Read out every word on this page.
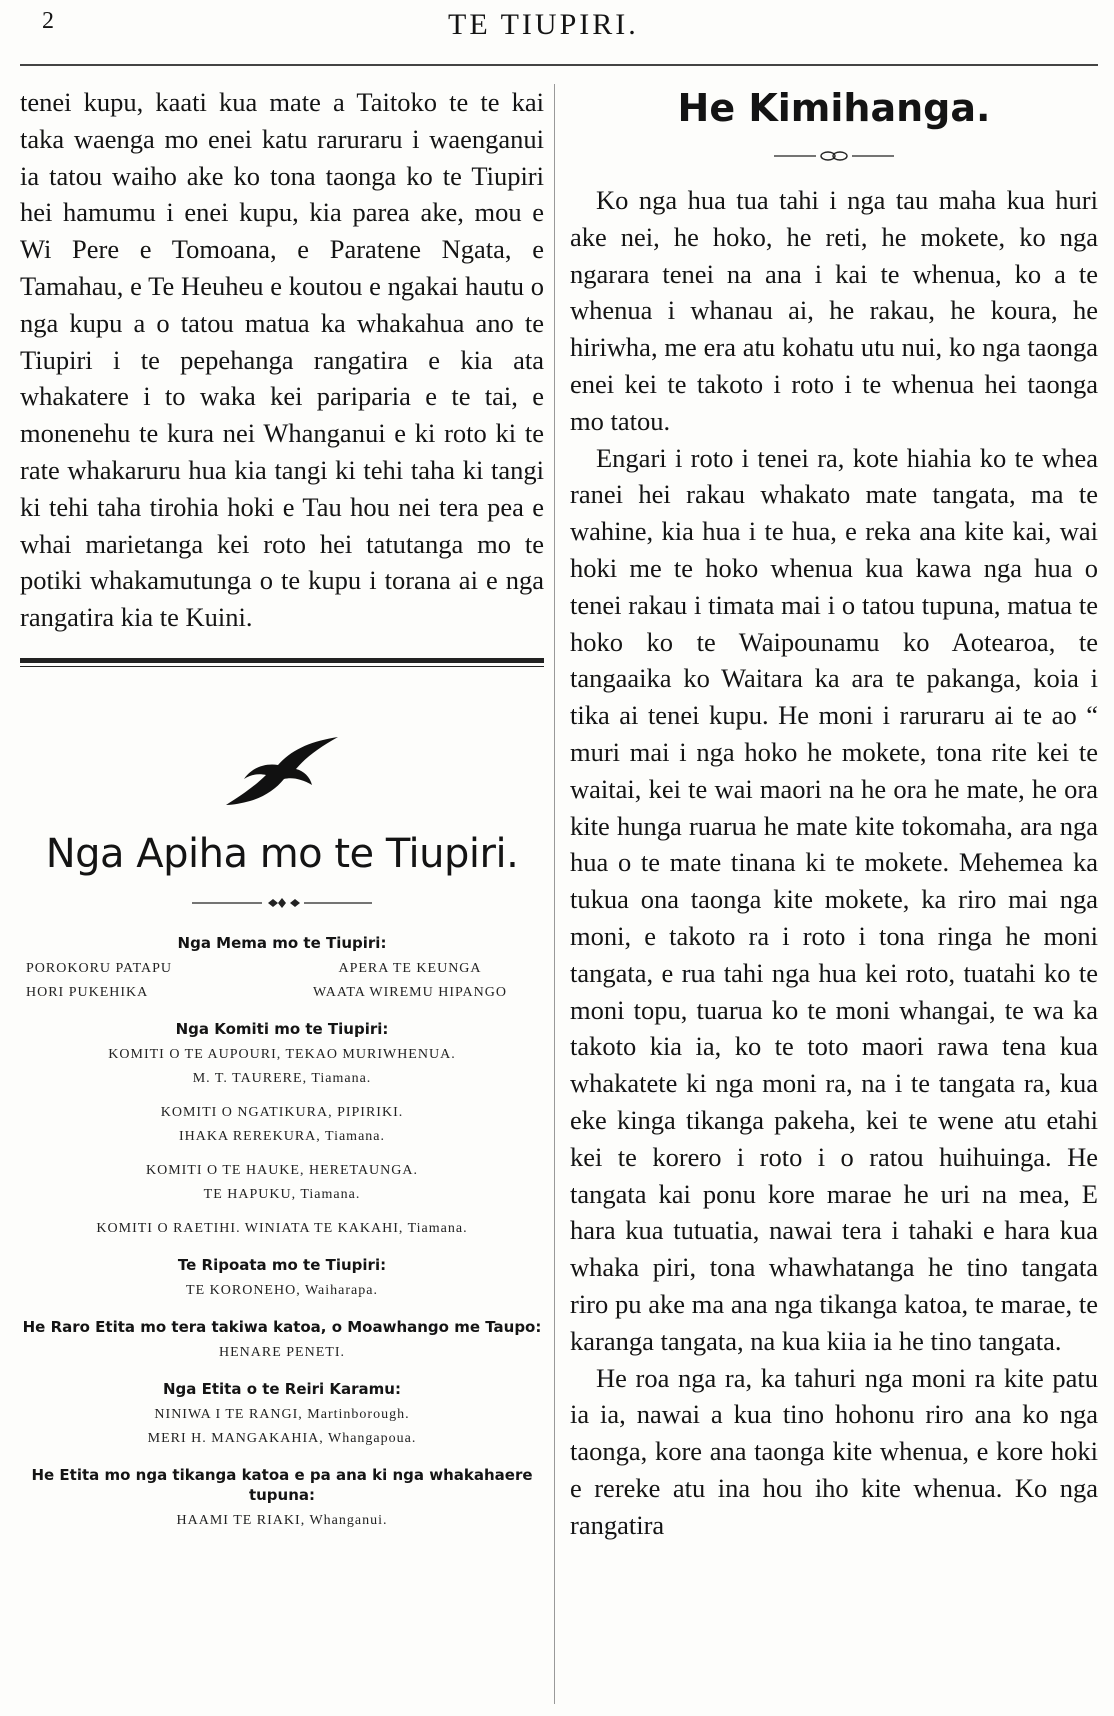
2	TE TIUPIRI.

tenei kupu, kaati kua mate a Taitoko te te kai taka waenga mo enei katu raruraru i waenganui ia tatou waiho ake ko tona taonga ko te Tiupiri hei hamumu i enei kupu, kia parea ake, mou e Wi Pere e Tomoana, e Paratene Ngata, e Tamahau, e Te Heuheu e koutou e ngakai hautu o nga kupu a o tatou matua ka whakahua ano te Tiupiri i te pepehanga rangatira e kia ata whakatere i to waka kei pariparia e te tai, e monenehu te kura nei Whanganui e ki roto ki te rate whakaruru hua kia tangi ki tehi taha ki tangi ki tehi taha tirohia hoki e Tau hou nei tera pea e whai marietanga kei roto hei tatutanga mo te potiki whakamutunga o te kupu i torana ai e nga rangatira kia te Kuini.

Nga Apiha mo te Tiupiri.
Nga Mema mo te Tiupiri:
POROKORU PATAPU	APERA TE KEUNGA
HORI PUKEHIKA	WAATA WIREMU HIPANGO
Nga Komiti mo te Tiupiri:
KOMITI O TE AUPOURI, TEKAO MURIWHENUA.
M. T. TAURERE, Tiamana.
KOMITI O NGATIKURA, PIPIRIKI.
IHAKA REREKURA, Tiamana.
KOMITI O TE HAUKE, HERETAUNGA.
TE HAPUKU, Tiamana.
KOMITI O RAETIHI. WINIATA TE KAKAHI, Tiamana.
Te Ripoata mo te Tiupiri:
TE KORONEHO, Waiharapa.
He Raro Etita mo tera takiwa katoa, o Moawhango me Taupo:
HENARE PENETI.
Nga Etita o te Reiri Karamu:
NINIWA I TE RANGI, Martinborough.
MERI H. MANGAKAHIA, Whangapoua.
He Etita mo nga tikanga katoa e pa ana ki nga whakahaere tupuna:
HAAMI TE RIAKI, Whanganui.
He Kimihanga.

Ko nga hua tua tahi i nga tau maha kua huri ake nei, he hoko, he reti, he mokete, ko nga ngarara tenei na ana i kai te whenua, ko a te whenua i whanau ai, he rakau, he koura, he hiriwha, me era atu kohatu utu nui, ko nga taonga enei kei te takoto i roto i te whenua hei taonga mo tatou.

Engari i roto i tenei ra, kote hiahia ko te whea ranei hei rakau whakato mate tangata, ma te wahine, kia hua i te hua, e reka ana kite kai, wai hoki me te hoko whenua kua kawa nga hua o tenei rakau i timata mai i o tatou tupuna, matua te hoko ko te Waipounamu ko Aotearoa, te tangaaika ko Waitara ka ara te pakanga, koia i tika ai tenei kupu. He moni i raruraru ai te ao “ muri mai i nga hoko he mokete, tona rite kei te waitai, kei te wai maori na he ora he mate, he ora kite hunga ruarua he mate kite tokomaha, ara nga hua o te mate tinana ki te mokete. Mehemea ka tukua ona taonga kite mokete, ka riro mai nga moni, e takoto ra i roto i tona ringa he moni tangata, e rua tahi nga hua kei roto, tuatahi ko te moni topu, tuarua ko te moni whangai, te wa ka takoto kia ia, ko te toto maori rawa tena kua whakatete ki nga moni ra, na i te tangata ra, kua eke kinga tikanga pakeha, kei te wene atu etahi kei te korero i roto i o ratou huihuinga. He tangata kai ponu kore marae he uri na mea, E hara kua tutuatia, nawai tera i tahaki e hara kua whaka piri, tona whawhatanga he tino tangata riro pu ake ma ana nga tikanga katoa, te marae, te karanga tangata, na kua kiia ia he tino tangata.

He roa nga ra, ka tahuri nga moni ra kite patu ia ia, nawai a kua tino hohonu riro ana ko nga taonga, kore ana taonga kite whenua, e kore hoki e rereke atu ina hou iho kite whenua. Ko nga rangatira
